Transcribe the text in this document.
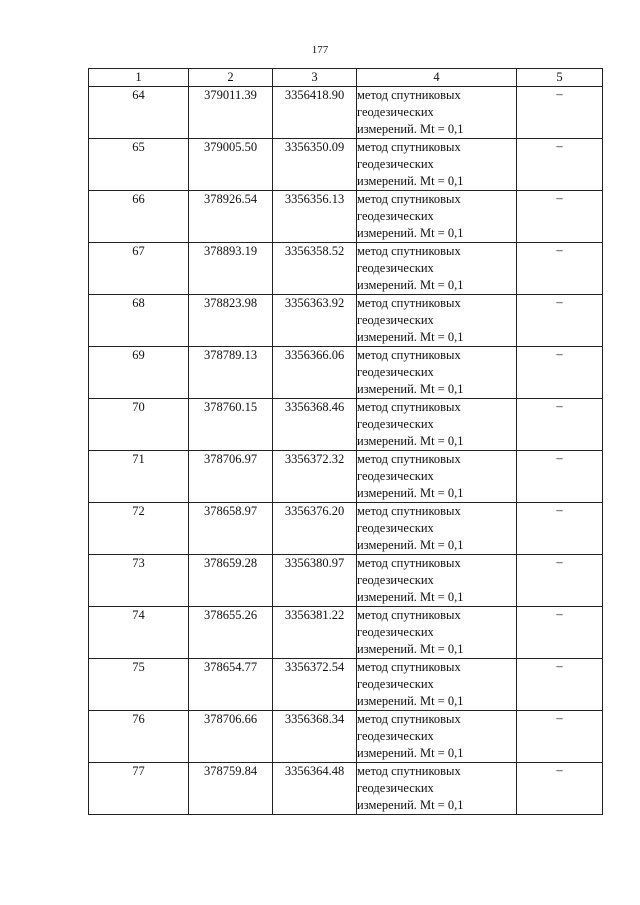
177
1	2	3	4	5
64	379011.39	3356418.90	метод спутниковых
геодезических
измерений. Mt = 0,1	–
65	379005.50	3356350.09	метод спутниковых
геодезических
измерений. Mt = 0,1	–
66	378926.54	3356356.13	метод спутниковых
геодезических
измерений. Mt = 0,1	–
67	378893.19	3356358.52	метод спутниковых
геодезических
измерений. Mt = 0,1	–
68	378823.98	3356363.92	метод спутниковых
геодезических
измерений. Mt = 0,1	–
69	378789.13	3356366.06	метод спутниковых
геодезических
измерений. Mt = 0,1	–
70	378760.15	3356368.46	метод спутниковых
геодезических
измерений. Mt = 0,1	–
71	378706.97	3356372.32	метод спутниковых
геодезических
измерений. Mt = 0,1	–
72	378658.97	3356376.20	метод спутниковых
геодезических
измерений. Mt = 0,1	–
73	378659.28	3356380.97	метод спутниковых
геодезических
измерений. Mt = 0,1	–
74	378655.26	3356381.22	метод спутниковых
геодезических
измерений. Mt = 0,1	–
75	378654.77	3356372.54	метод спутниковых
геодезических
измерений. Mt = 0,1	–
76	378706.66	3356368.34	метод спутниковых
геодезических
измерений. Mt = 0,1	–
77	378759.84	3356364.48	метод спутниковых
геодезических
измерений. Mt = 0,1	–
